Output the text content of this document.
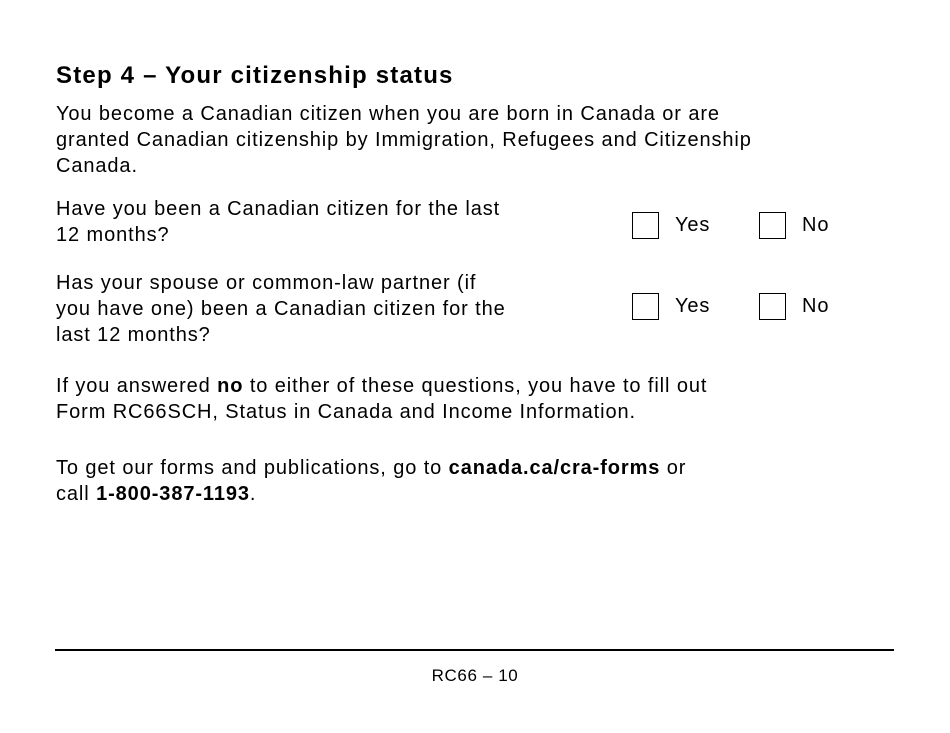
Step 4 – Your citizenship status

You become a Canadian citizen when you are born in Canada or are
granted Canadian citizenship by Immigration, Refugees and Citizenship
Canada.

Have you been a Canadian citizen for the last
12 months?	Yes	No

Has your spouse or common-law partner (if
you have one) been a Canadian citizen for the
last 12 months?

Yes	No

If you answered no to either of these questions, you have to fill out
Form RC66SCH, Status in Canada and Income Information.

To get our forms and publications, go to canada.ca/cra-forms or
call 1-800-387-1193.

RC66 – 10
